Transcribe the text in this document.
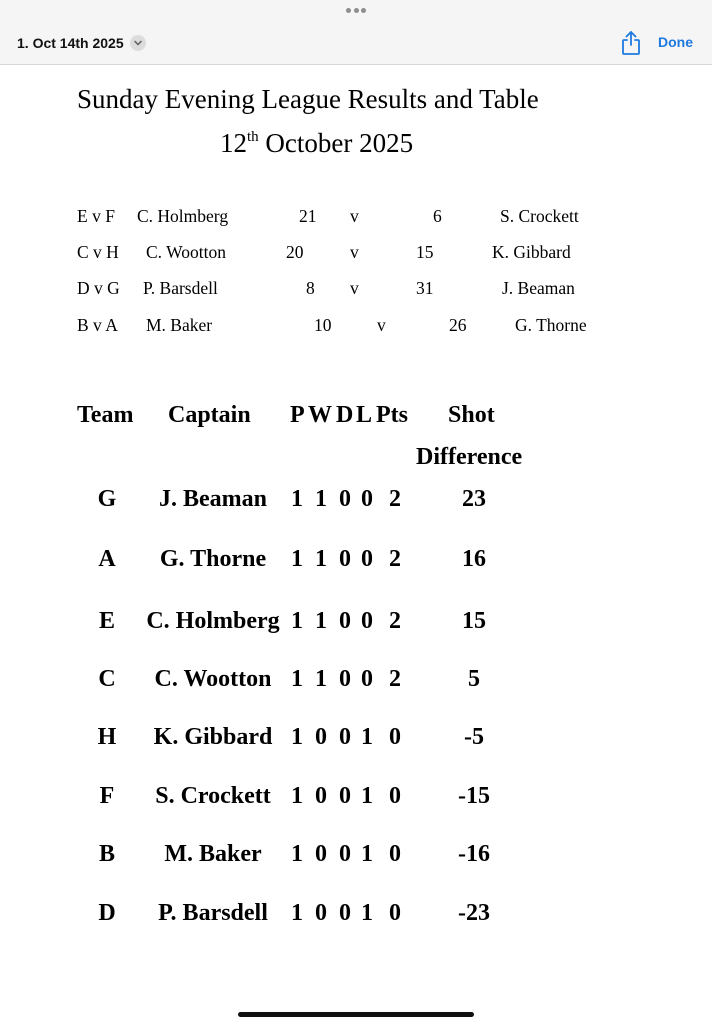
1. Oct 14th 2025	Done
Sunday Evening League Results and Table
12th October 2025
Team Captain P W D L Pts Shot
Difference
E v F C. Holmberg	21 v	6	S. Crockett
C v H C. Wootton	20	v	15	K. Gibbard
D v G P. Barsdell	8 v	31	J. Beaman
B v A M. Baker	10	v	26	G. Thorne
G J. Beaman 1 1 0 0 2	23
A G. Thorne 1 1 0 0 2	16
E C. Holmberg 1 1 0 0 2	15
C C. Wootton 1 1 0 0 2	5
H K. Gibbard 1 0 0 1 0	-5
F S. Crockett 1 0 0 1 0 -15
B M. Baker 1 0 0 1 0 -16
D P. Barsdell 1 0 0 1 0 -23
